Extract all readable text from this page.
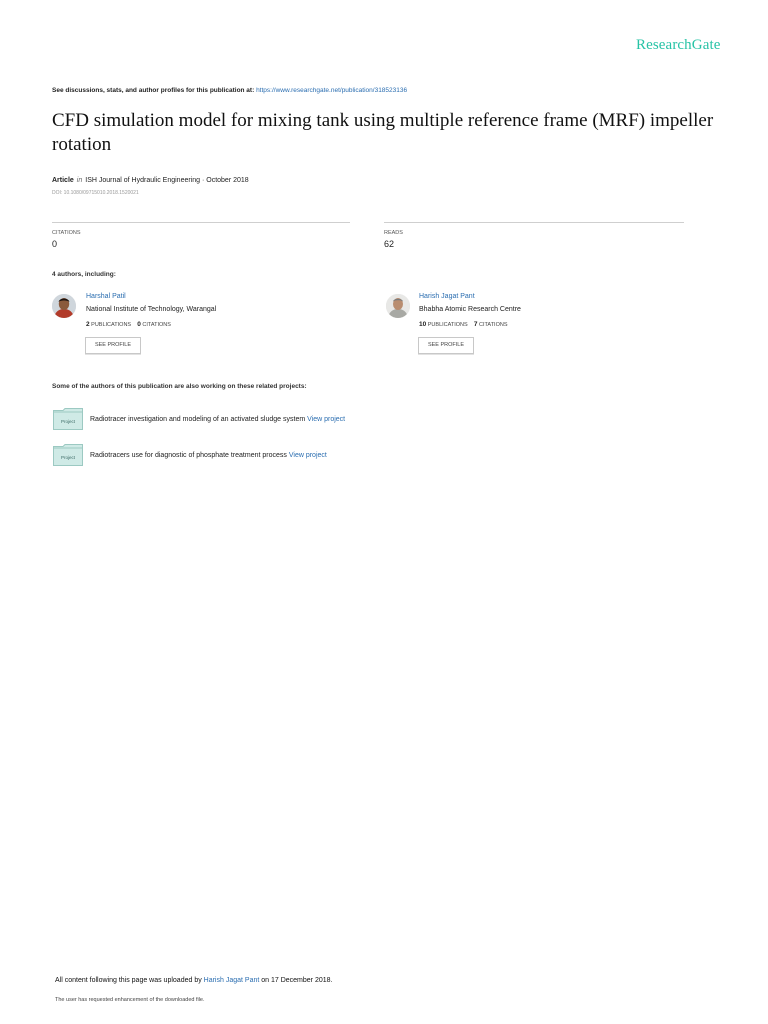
ResearchGate
See discussions, stats, and author profiles for this publication at: https://www.researchgate.net/publication/318523136
CFD simulation model for mixing tank using multiple reference frame (MRF) impeller rotation
Article in ISH Journal of Hydraulic Engineering · October 2018
DOI: 10.1080/09715010.2018.1520021
CITATIONS
0
READS
62
4 authors, including:
Harshal Patil
National Institute of Technology, Warangal
2 PUBLICATIONS 0 CITATIONS
SEE PROFILE
Harish Jagat Pant
Bhabha Atomic Research Centre
10 PUBLICATIONS 7 CITATIONS
SEE PROFILE
Some of the authors of this publication are also working on these related projects:
Project Radiotracer investigation and modeling of an activated sludge system View project
Project Radiotracers use for diagnostic of phosphate treatment process View project
All content following this page was uploaded by Harish Jagat Pant on 17 December 2018.
The user has requested enhancement of the downloaded file.
